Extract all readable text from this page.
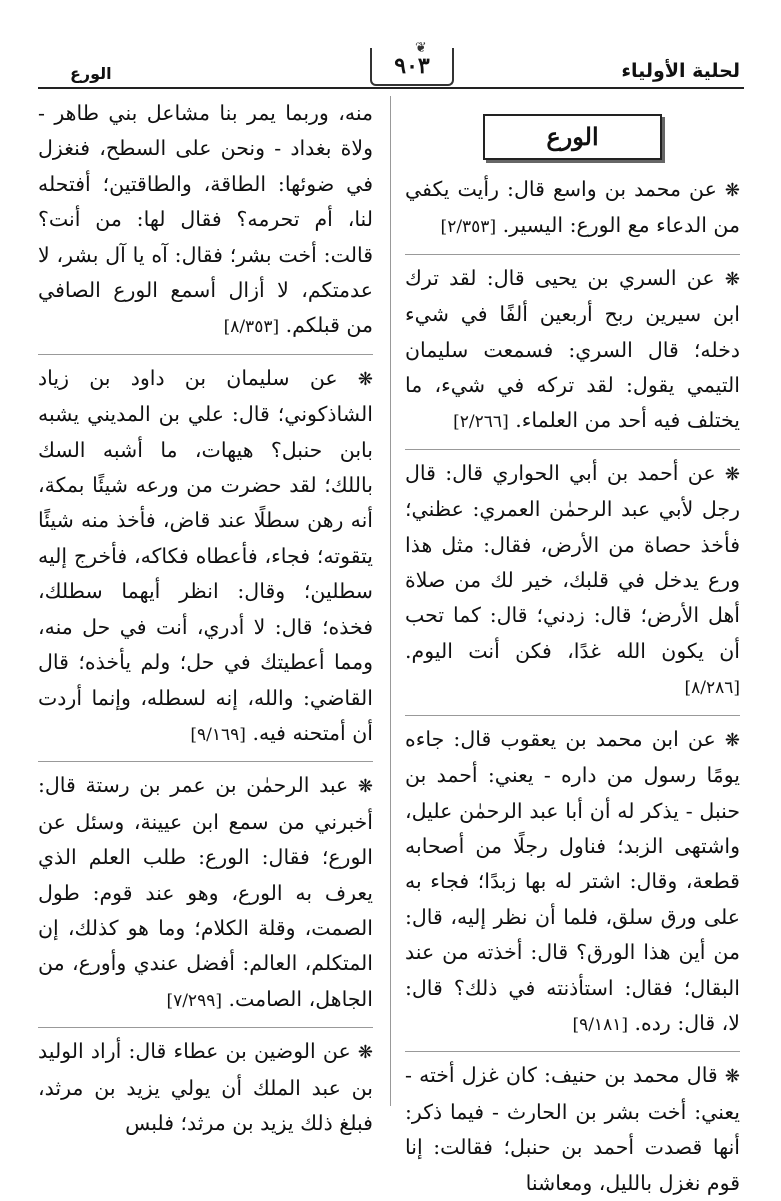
لحلية الأولياء
❦
٩٠٣
الورع
الورع

❋ عن محمد بن واسع قال: رأيت يكفي من الدعاء مع الورع: اليسير. [٢/٣٥٣]

❋ عن السري بن يحيى قال: لقد ترك ابن سيرين ربح أربعين ألفًا في شيء دخله؛ قال السري: فسمعت سليمان التيمي يقول: لقد تركه في شيء، ما يختلف فيه أحد من العلماء. [٢/٢٦٦]

❋ عن أحمد بن أبي الحواري قال: قال رجل لأبي عبد الرحمٰن العمري: عظني؛ فأخذ حصاة من الأرض، فقال: مثل هذا ورع يدخل في قلبك، خير لك من صلاة أهل الأرض؛ قال: زدني؛ قال: كما تحب أن يكون الله غدًا، فكن أنت اليوم. [٨/٢٨٦]

❋ عن ابن محمد بن يعقوب قال: جاءه يومًا رسول من داره - يعني: أحمد بن حنبل - يذكر له أن أبا عبد الرحمٰن عليل، واشتهى الزبد؛ فناول رجلًا من أصحابه قطعة، وقال: اشتر له بها زبدًا؛ فجاء به على ورق سلق، فلما أن نظر إليه، قال: من أين هذا الورق؟ قال: أخذته من عند البقال؛ فقال: استأذنته في ذلك؟ قال: لا، قال: رده. [٩/١٨١]

❋ قال محمد بن حنيف: كان غزل أخته - يعني: أخت بشر بن الحارث - فيما ذكر: أنها قصدت أحمد بن حنبل؛ فقالت: إنا قوم نغزل بالليل، ومعاشنا

منه، وربما يمر بنا مشاعل بني طاهر - ولاة بغداد - ونحن على السطح، فنغزل في ضوئها: الطاقة، والطاقتين؛ أفتحله لنا، أم تحرمه؟ فقال لها: من أنت؟ قالت: أخت بشر؛ فقال: آه يا آل بشر، لا عدمتكم، لا أزال أسمع الورع الصافي من قبلكم. [٨/٣٥٣]

❋ عن سليمان بن داود بن زياد الشاذكوني؛ قال: علي بن المديني يشبه بابن حنبل؟ هيهات، ما أشبه السك باللك؛ لقد حضرت من ورعه شيئًا بمكة، أنه رهن سطلًا عند قاض، فأخذ منه شيئًا يتقوته؛ فجاء، فأعطاه فكاكه، فأخرج إليه سطلين؛ وقال: انظر أيهما سطلك، فخذه؛ قال: لا أدري، أنت في حل منه، ومما أعطيتك في حل؛ ولم يأخذه؛ قال القاضي: والله، إنه لسطله، وإنما أردت أن أمتحنه فيه. [٩/١٦٩]

❋ عبد الرحمٰن بن عمر بن رستة قال: أخبرني من سمع ابن عيينة، وسئل عن الورع؛ فقال: الورع: طلب العلم الذي يعرف به الورع، وهو عند قوم: طول الصمت، وقلة الكلام؛ وما هو كذلك، إن المتكلم، العالم: أفضل عندي وأورع، من الجاهل، الصامت. [٧/٢٩٩]

❋ عن الوضين بن عطاء قال: أراد الوليد بن عبد الملك أن يولي يزيد بن مرثد، فبلغ ذلك يزيد بن مرثد؛ فلبس
